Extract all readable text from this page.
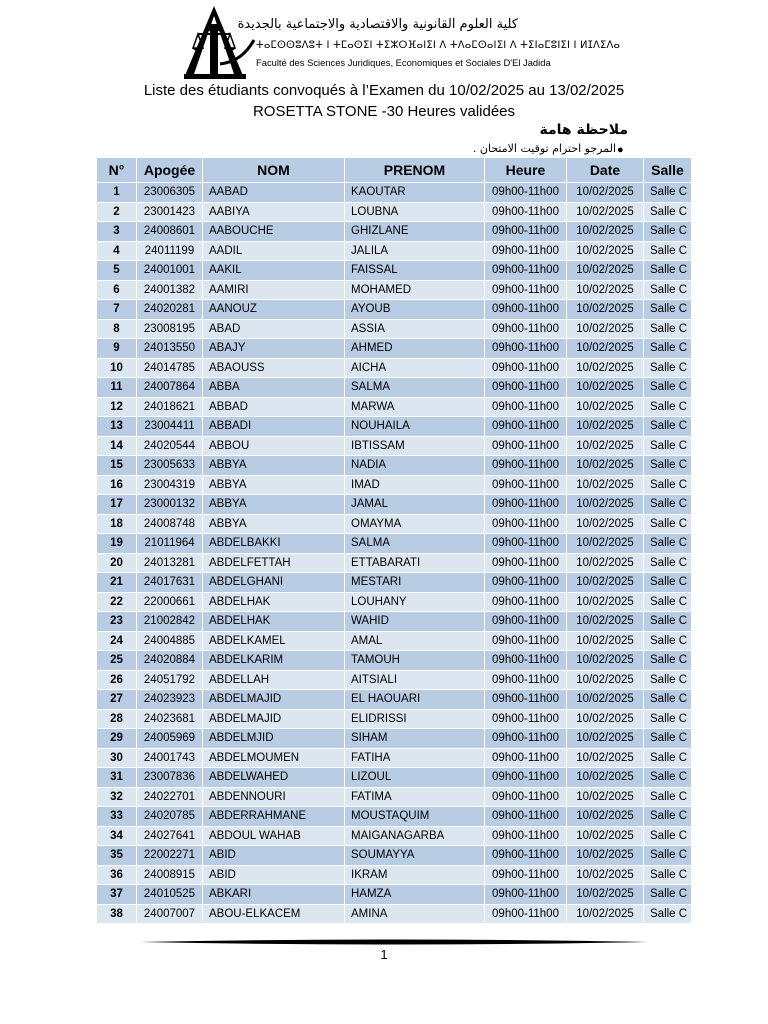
كلية العلوم القانونية والاقتصادية والاجتماعية بالجديدة
ⵜⴰⵎⵙⵙⵓⴷⵓⵜ ⵏ ⵜⵎⴰⵙⵉⵏ ⵜⵉⵣⵔⴼⴰⵏⵉⵏ ⴷ ⵜⴷⴰⵎⵙⴰⵏⵉⵏ ⴷ ⵜⵉⵏⴰⵎⵓⵏⵉⵏ ⵏ ⵍⵊⴷⵉⴷⴰ
Faculté des Sciences Juridiques, Economiques et Sociales D'El Jadida
Liste des étudiants convoqués à l’Examen du 10/02/2025 au 13/02/2025
ROSETTA STONE -30 Heures validées
ملاحظة هامة
المرجو احترام توقيت الامتحان . ●
N°	Apogée	NOM	PRENOM	Heure	Date	Salle
1	23006305	AABAD	KAOUTAR	09h00-11h00	10/02/2025	Salle C
2	23001423	AABIYA	LOUBNA	09h00-11h00	10/02/2025	Salle C
3	24008601	AABOUCHE	GHIZLANE	09h00-11h00	10/02/2025	Salle C
4	24011199	AADIL	JALILA	09h00-11h00	10/02/2025	Salle C
5	24001001	AAKIL	FAISSAL	09h00-11h00	10/02/2025	Salle C
6	24001382	AAMIRI	MOHAMED	09h00-11h00	10/02/2025	Salle C
7	24020281	AANOUZ	AYOUB	09h00-11h00	10/02/2025	Salle C
8	23008195	ABAD	ASSIA	09h00-11h00	10/02/2025	Salle C
9	24013550	ABAJY	AHMED	09h00-11h00	10/02/2025	Salle C
10	24014785	ABAOUSS	AICHA	09h00-11h00	10/02/2025	Salle C
11	24007864	ABBA	SALMA	09h00-11h00	10/02/2025	Salle C
12	24018621	ABBAD	MARWA	09h00-11h00	10/02/2025	Salle C
13	23004411	ABBADI	NOUHAILA	09h00-11h00	10/02/2025	Salle C
14	24020544	ABBOU	IBTISSAM	09h00-11h00	10/02/2025	Salle C
15	23005633	ABBYA	NADIA	09h00-11h00	10/02/2025	Salle C
16	23004319	ABBYA	IMAD	09h00-11h00	10/02/2025	Salle C
17	23000132	ABBYA	JAMAL	09h00-11h00	10/02/2025	Salle C
18	24008748	ABBYA	OMAYMA	09h00-11h00	10/02/2025	Salle C
19	21011964	ABDELBAKKI	SALMA	09h00-11h00	10/02/2025	Salle C
20	24013281	ABDELFETTAH	ETTABARATI	09h00-11h00	10/02/2025	Salle C
21	24017631	ABDELGHANI	MESTARI	09h00-11h00	10/02/2025	Salle C
22	22000661	ABDELHAK	LOUHANY	09h00-11h00	10/02/2025	Salle C
23	21002842	ABDELHAK	WAHID	09h00-11h00	10/02/2025	Salle C
24	24004885	ABDELKAMEL	AMAL	09h00-11h00	10/02/2025	Salle C
25	24020884	ABDELKARIM	TAMOUH	09h00-11h00	10/02/2025	Salle C
26	24051792	ABDELLAH	AITSIALI	09h00-11h00	10/02/2025	Salle C
27	24023923	ABDELMAJID	EL HAOUARI	09h00-11h00	10/02/2025	Salle C
28	24023681	ABDELMAJID	ELIDRISSI	09h00-11h00	10/02/2025	Salle C
29	24005969	ABDELMJID	SIHAM	09h00-11h00	10/02/2025	Salle C
30	24001743	ABDELMOUMEN	FATIHA	09h00-11h00	10/02/2025	Salle C
31	23007836	ABDELWAHED	LIZOUL	09h00-11h00	10/02/2025	Salle C
32	24022701	ABDENNOURI	FATIMA	09h00-11h00	10/02/2025	Salle C
33	24020785	ABDERRAHMANE	MOUSTAQUIM	09h00-11h00	10/02/2025	Salle C
34	24027641	ABDOUL WAHAB	MAIGANAGARBA	09h00-11h00	10/02/2025	Salle C
35	22002271	ABID	SOUMAYYA	09h00-11h00	10/02/2025	Salle C
36	24008915	ABID	IKRAM	09h00-11h00	10/02/2025	Salle C
37	24010525	ABKARI	HAMZA	09h00-11h00	10/02/2025	Salle C
38	24007007	ABOU-ELKACEM	AMINA	09h00-11h00	10/02/2025	Salle C
1
